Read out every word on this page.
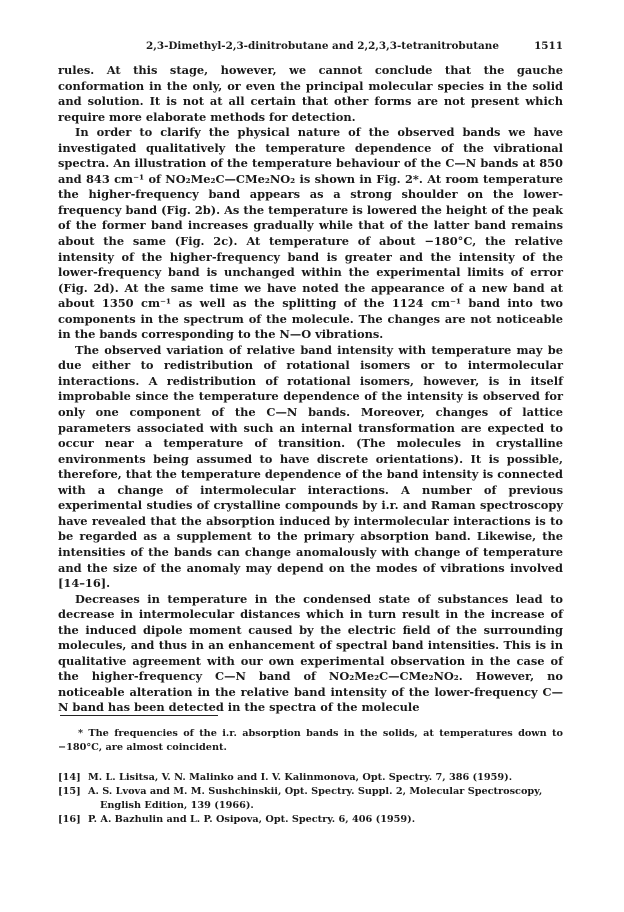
2,3-Dimethyl-2,3-dinitrobutane and 2,2,3,3-tetranitrobutane	1511

rules. At this stage, however, we cannot conclude that the gauche conformation in the only, or even the principal molecular species in the solid and solution. It is not at all certain that other forms are not present which require more elaborate methods for detection.

In order to clarify the physical nature of the observed bands we have investigated qualitatively the temperature dependence of the vibrational spectra. An illustration of the temperature behaviour of the C—N bands at 850 and 843 cm⁻¹ of NO₂Me₂C—CMe₂NO₂ is shown in Fig. 2*. At room temperature the higher-frequency band appears as a strong shoulder on the lower-frequency band (Fig. 2b). As the temperature is lowered the height of the peak of the former band increases gradually while that of the latter band remains about the same (Fig. 2c). At temperature of about −180°C, the relative intensity of the higher-frequency band is greater and the intensity of the lower-frequency band is unchanged within the experimental limits of error (Fig. 2d). At the same time we have noted the appearance of a new band at about 1350 cm⁻¹ as well as the splitting of the 1124 cm⁻¹ band into two components in the spectrum of the molecule. The changes are not noticeable in the bands corresponding to the N—O vibrations.

The observed variation of relative band intensity with temperature may be due either to redistribution of rotational isomers or to intermolecular interactions. A redistribution of rotational isomers, however, is in itself improbable since the temperature dependence of the intensity is observed for only one component of the C—N bands. Moreover, changes of lattice parameters associated with such an internal transformation are expected to occur near a temperature of transition. (The molecules in crystalline environments being assumed to have discrete orientations). It is possible, therefore, that the temperature dependence of the band intensity is connected with a change of intermolecular interactions. A number of previous experimental studies of crystalline compounds by i.r. and Raman spectroscopy have revealed that the absorption induced by intermolecular interactions is to be regarded as a supplement to the primary absorption band. Likewise, the intensities of the bands can change anomalously with change of temperature and the size of the anomaly may depend on the modes of vibrations involved [14–16].

Decreases in temperature in the condensed state of substances lead to decrease in intermolecular distances which in turn result in the increase of the induced dipole moment caused by the electric field of the surrounding molecules, and thus in an enhancement of spectral band intensities. This is in qualitative agreement with our own experimental observation in the case of the higher-frequency C—N band of NO₂Me₂C—CMe₂NO₂. However, no noticeable alteration in the relative band intensity of the lower-frequency C—N band has been detected in the spectra of the molecule

* The frequencies of the i.r. absorption bands in the solids, at temperatures down to −180°C, are almost coincident.
[14] M. L. Lisitsa, V. N. Malinko and I. V. Kalinmonova, Opt. Spectry. 7, 386 (1959).
[15] A. S. Lvova and M. M. Sushchinskii, Opt. Spectry. Suppl. 2, Molecular Spectroscopy,
English Edition, 139 (1966).
[16] P. A. Bazhulin and L. P. Osipova, Opt. Spectry. 6, 406 (1959).
